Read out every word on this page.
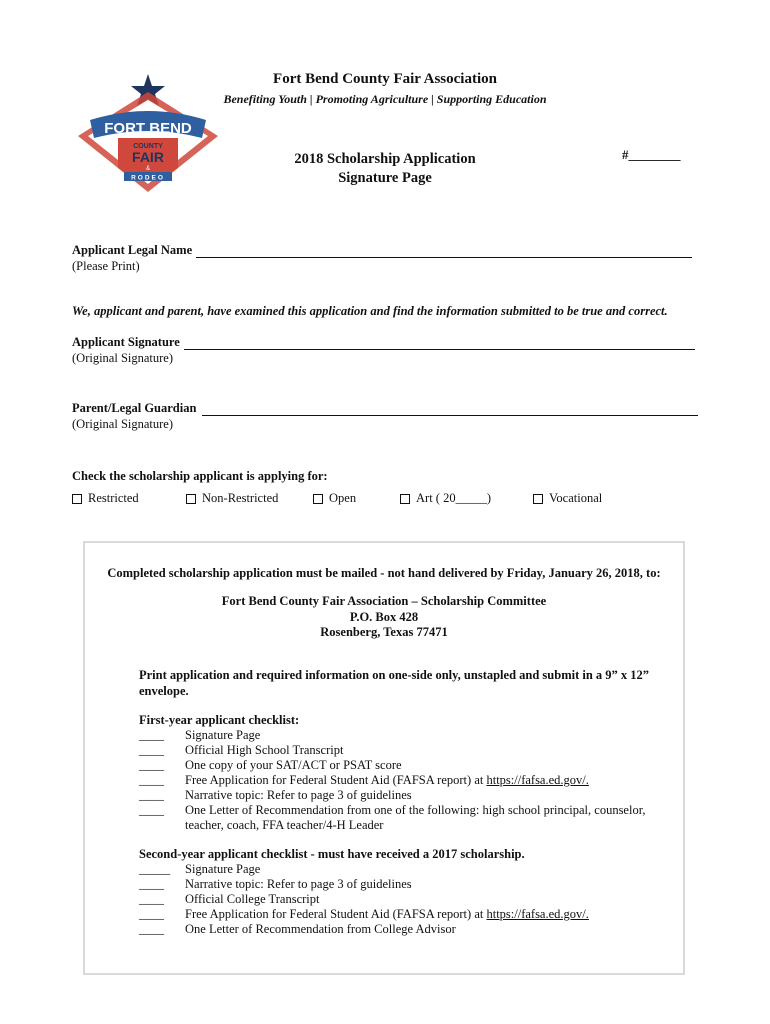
FORT BEND
COUNTY
FAIR
&
RODEO
Fort Bend County Fair Association
Benefiting Youth | Promoting Agriculture | Supporting Education
2018 Scholarship Application
Signature Page
#________
Applicant Legal Name
(Please Print)
We, applicant and parent, have examined this application and find the information submitted to be true and correct.
Applicant Signature
(Original Signature)
Parent/Legal Guardian
(Original Signature)
Check the scholarship applicant is applying for:
Restricted	Non-Restricted	Open	Art ( 20_____)	Vocational
Completed scholarship application must be mailed - not hand delivered by Friday, January 26, 2018, to:
Fort Bend County Fair Association – Scholarship Committee
P.O. Box 428
Rosenberg, Texas 77471
Print application and required information on one-side only, unstapled and submit in a 9” x 12” envelope.
First-year applicant checklist:
____	Signature Page
____	Official High School Transcript
____	One copy of your SAT/ACT or PSAT score
____	Free Application for Federal Student Aid (FAFSA report) at https://fafsa.ed.gov/.
____	Narrative topic: Refer to page 3 of guidelines
____	One Letter of Recommendation from one of the following: high school principal, counselor, teacher, coach, FFA teacher/4-H Leader
Second-year applicant checklist - must have received a 2017 scholarship.
_____	Signature Page
____	Narrative topic: Refer to page 3 of guidelines
____	Official College Transcript
____	Free Application for Federal Student Aid (FAFSA report) at https://fafsa.ed.gov/.
____	One Letter of Recommendation from College Advisor
